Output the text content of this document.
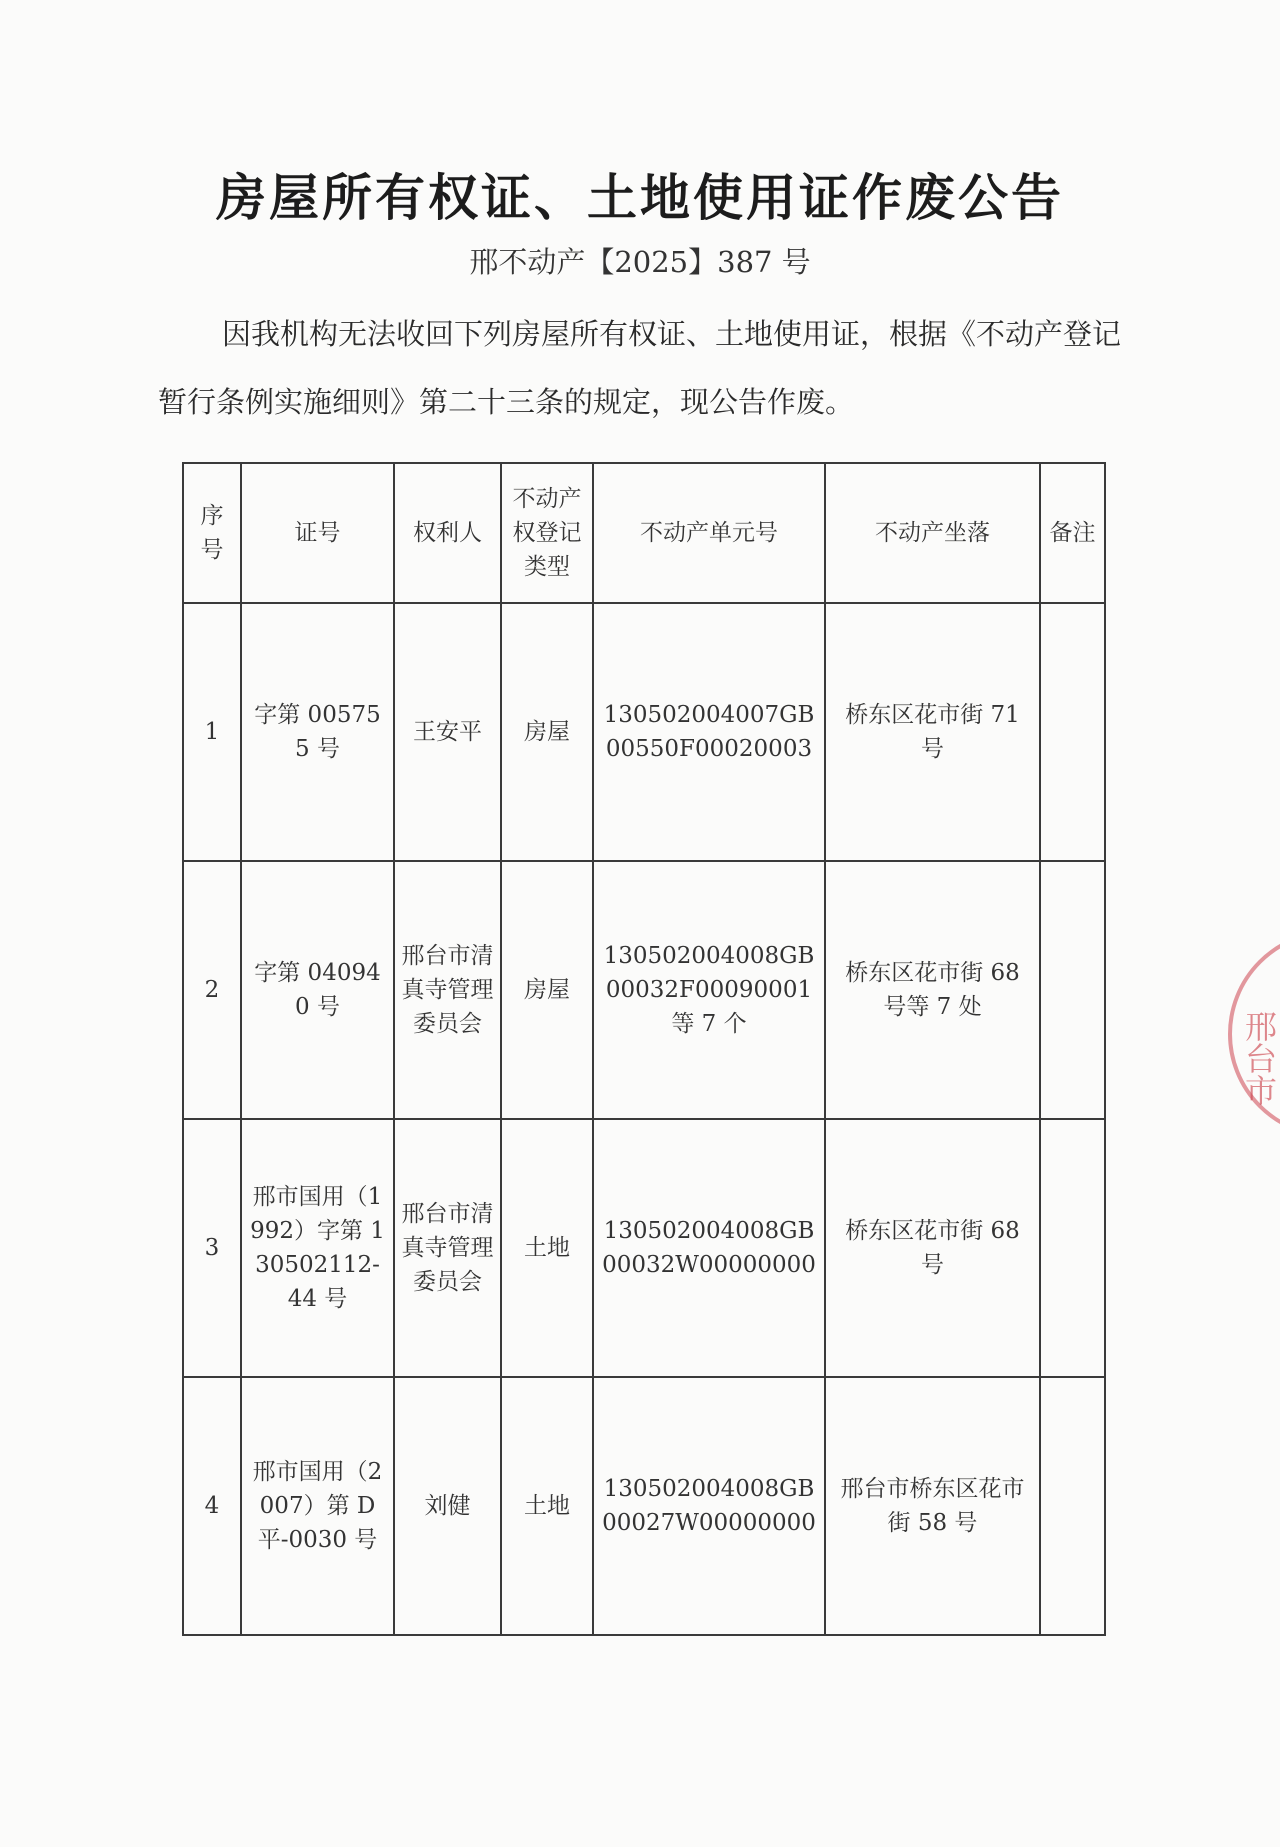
房屋所有权证、土地使用证作废公告
邢不动产【2025】387 号
因我机构无法收回下列房屋所有权证、土地使用证，根据《不动产登记暂行条例实施细则》第二十三条的规定，现公告作废。
序号	证号	权利人	不动产权登记类型	不动产单元号	不动产坐落	备注
1	字第 005755 号	王安平	房屋	130502004007GB00550F00020003	桥东区花市街 71 号	
2	字第 040940 号	邢台市清真寺管理委员会	房屋	130502004008GB00032F00090001 等 7 个	桥东区花市街 68 号等 7 处	
3	邢市国用（1992）字第 130502112-44 号	邢台市清真寺管理委员会	土地	130502004008GB00032W00000000	桥东区花市街 68 号	
4	邢市国用（2007）第 D 平-0030 号	刘健	土地	130502004008GB00027W00000000	邢台市桥东区花市街 58 号	
邢台市
